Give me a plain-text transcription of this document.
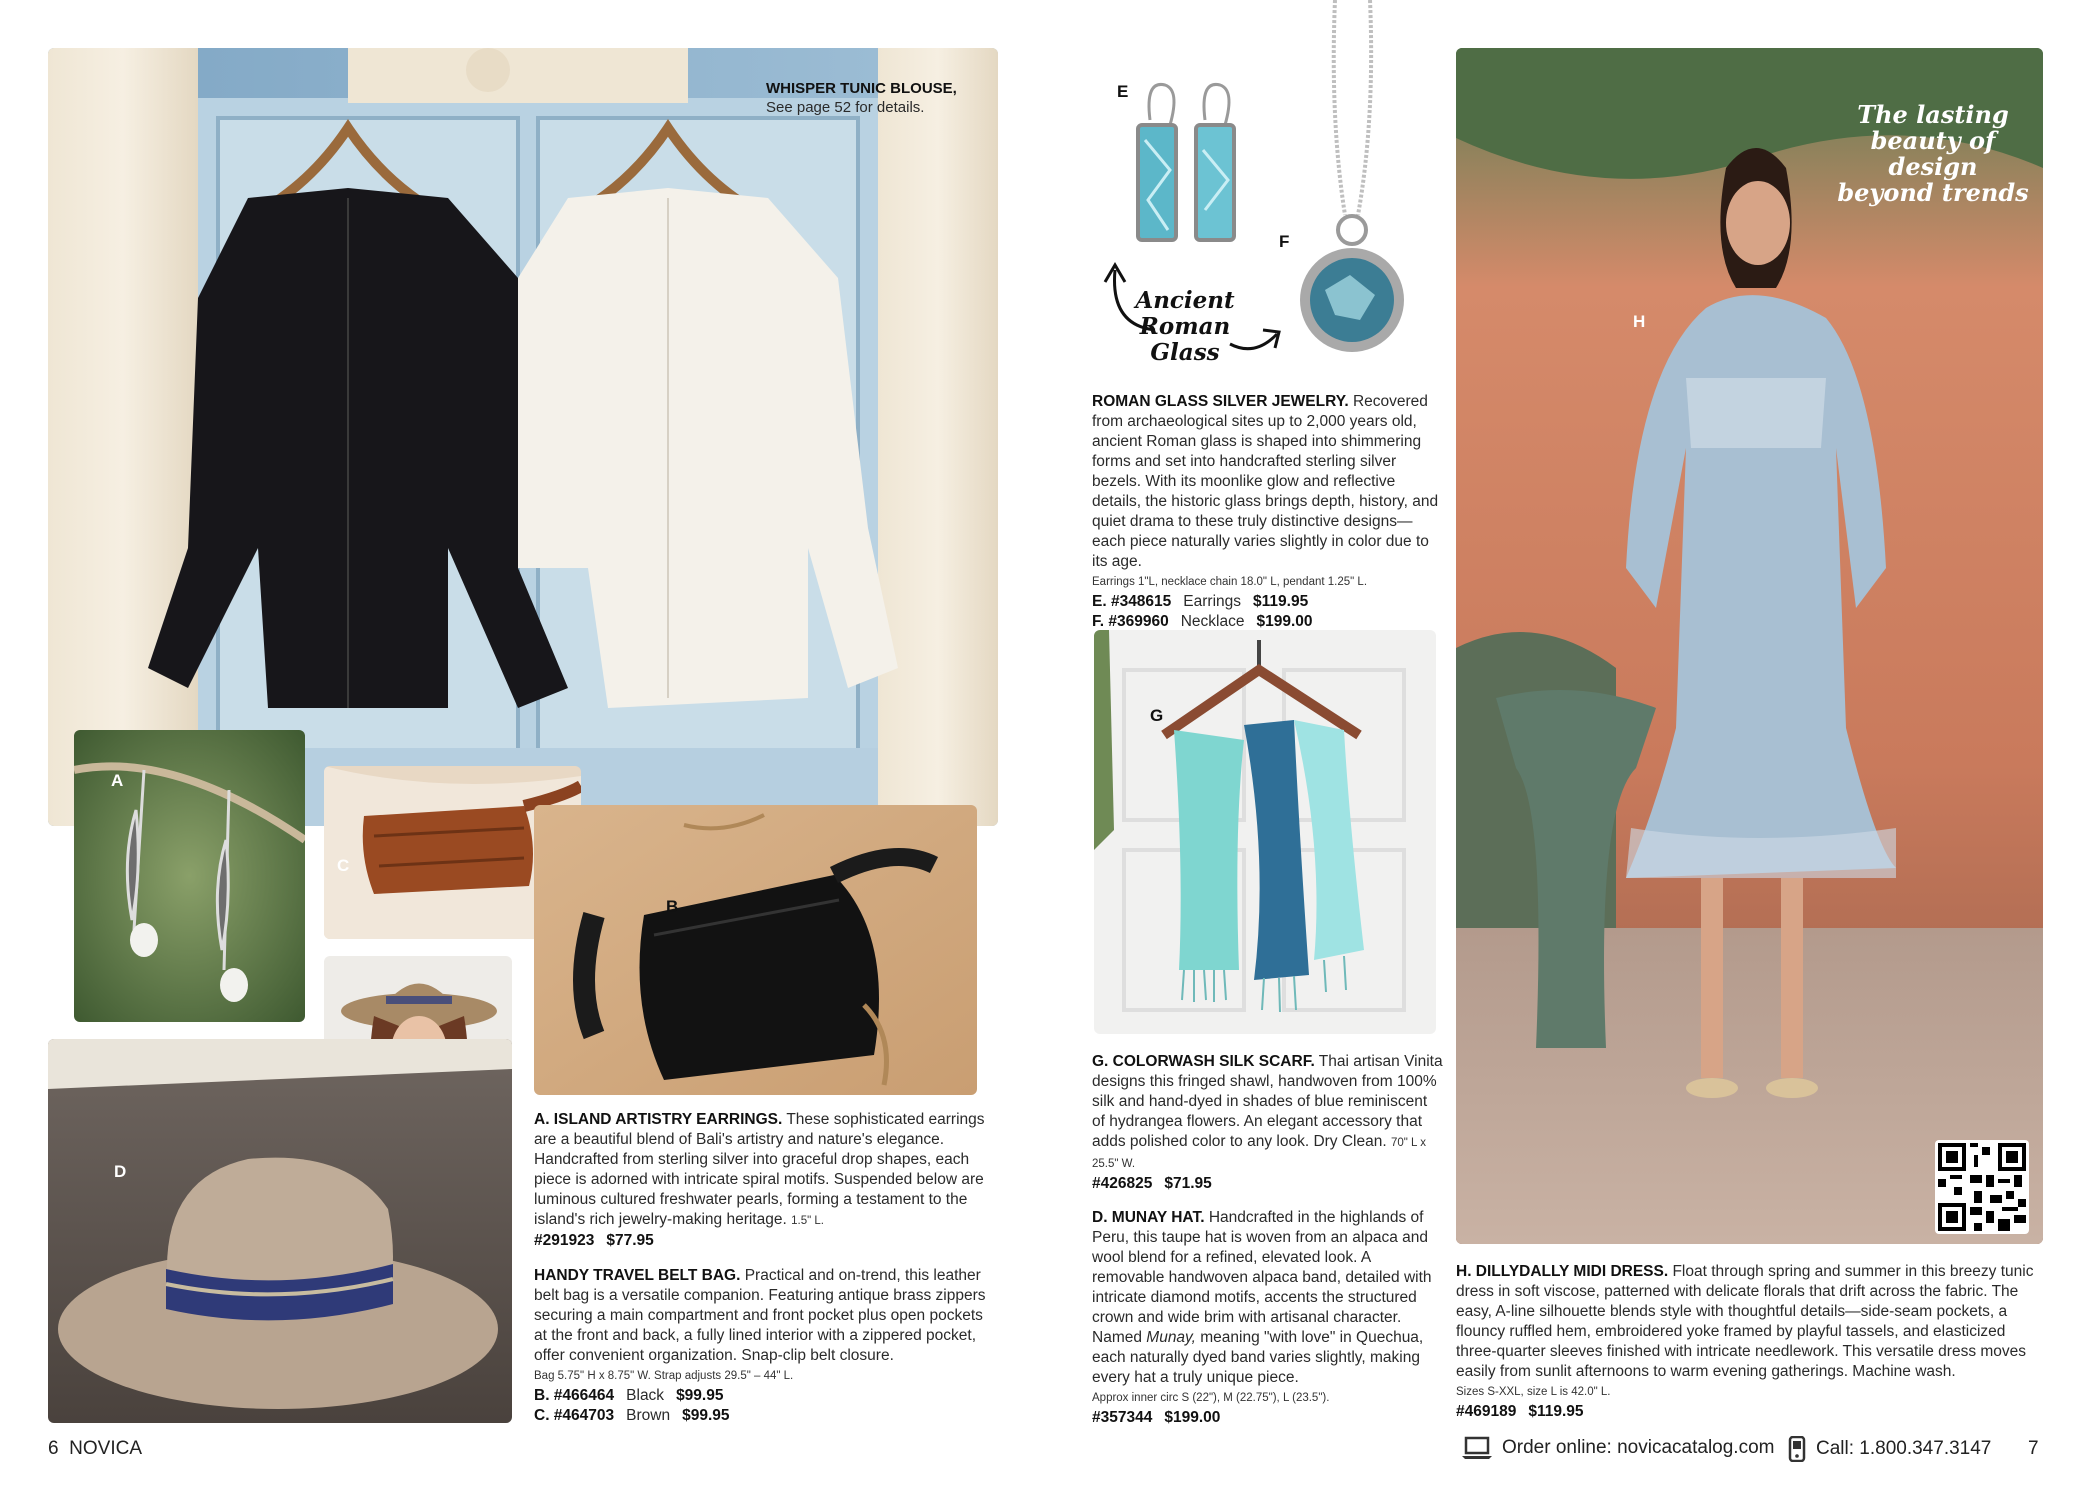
WHISPER TUNIC BLOUSE,

See page 52 for details.

A
C
B
D

A. ISLAND ARTISTRY EARRINGS. These sophisticated earrings are a beautiful blend of Bali's artistry and nature's elegance. Handcrafted from sterling silver into graceful drop shapes, each piece is adorned with intricate spiral motifs. Suspended below are luminous cultured freshwater pearls, forming a testament to the island's rich jewelry-making heritage. 1.5" L.

#291923 $77.95

HANDY TRAVEL BELT BAG. Practical and on-trend, this leather belt bag is a versatile companion. Featuring antique brass zippers securing a main compartment and front pocket plus open pockets at the front and back, a fully lined interior with a zippered pocket, offer convenient organization. Snap-clip belt closure.

Bag 5.75" H x 8.75" W. Strap adjusts 29.5" – 44" L.

B. #466464 Black $99.95

C. #464703 Brown $99.95

E
F
Ancient
Roman
Glass

ROMAN GLASS SILVER JEWELRY. Recovered from archaeological sites up to 2,000 years old, ancient Roman glass is shaped into shimmering forms and set into handcrafted sterling silver bezels. With its moonlike glow and reflective details, the historic glass brings depth, history, and quiet drama to these truly distinctive designs—each piece naturally varies slightly in color due to its age.

Earrings 1"L, necklace chain 18.0" L, pendant 1.25" L.

E. #348615 Earrings $119.95

F. #369960 Necklace $199.00

G

G. COLORWASH SILK SCARF. Thai artisan Vinita designs this fringed shawl, handwoven from 100% silk and hand-dyed in shades of blue reminiscent of hydrangea flowers. An elegant accessory that adds polished color to any look. Dry Clean. 70" L x 25.5" W.

#426825 $71.95

D. MUNAY HAT. Handcrafted in the highlands of Peru, this taupe hat is woven from an alpaca and wool blend for a refined, elevated look. A removable handwoven alpaca band, detailed with intricate diamond motifs, accents the structured crown and wide brim with artisanal character. Named Munay, meaning "with love" in Quechua, each naturally dyed band varies slightly, making every hat a truly unique piece.

Approx inner circ S (22"), M (22.75"), L (23.5").

#357344 $199.00

H
The lasting
beauty of design
beyond trends

H. DILLYDALLY MIDI DRESS. Float through spring and summer in this breezy tunic dress in soft viscose, patterned with delicate florals that drift across the fabric. The easy, A-line silhouette blends style with thoughtful details—side-seam pockets, a flouncy ruffled hem, embroidered yoke framed by playful tassels, and elasticized three-quarter sleeves finished with intricate needlework. This versatile dress moves easily from sunlit afternoons to warm evening gatherings. Machine wash.

Sizes S-XXL, size L is 42.0" L.

#469189 $119.95

6 NOVICA	Order online: novicacatalog.com Call: 1.800.347.3147 7
